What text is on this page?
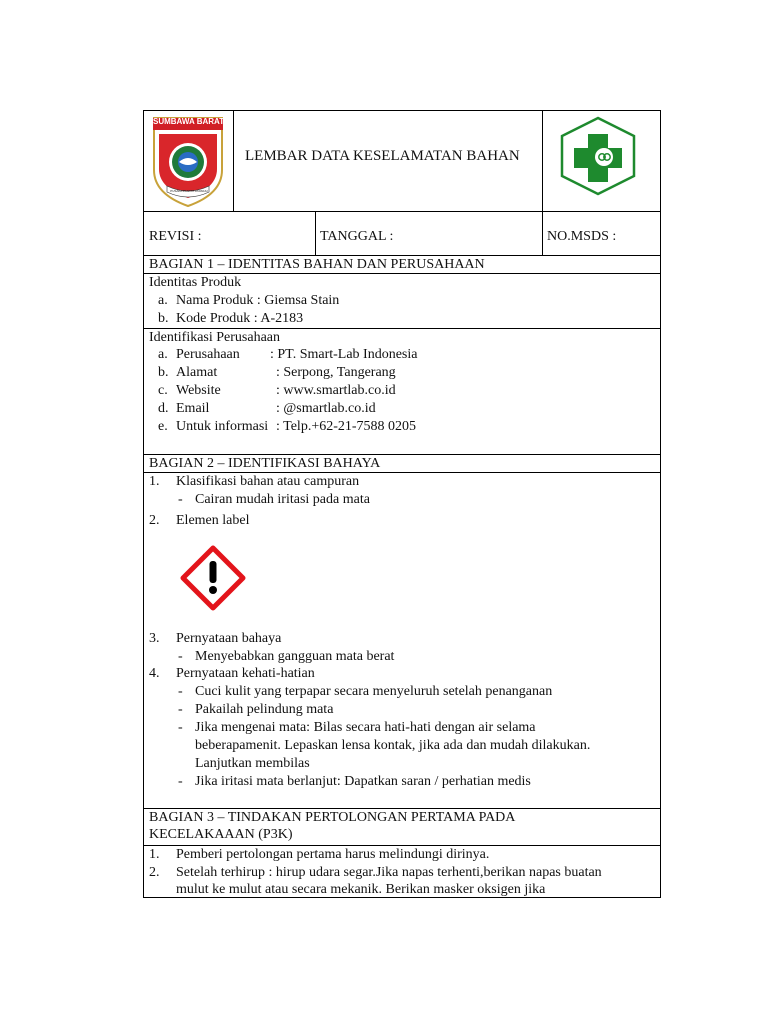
SUMBAWA BARAT
PUSAKA PANTAT ATAWAIU
LEMBAR DATA KESELAMATAN BAHAN
REVISI :	TANGGAL :	NO.MSDS :
BAGIAN 1 – IDENTITAS BAHAN DAN PERUSAHAAN
Identitas Produk
a. Nama Produk : Giemsa Stain
b. Kode Produk : A-2183
Identifikasi Perusahaan
a. Perusahaan : PT. Smart-Lab Indonesia
b. Alamat	: Serpong, Tangerang
c. Website	: www.smartlab.co.id
d. Email	: @smartlab.co.id
e. Untuk informasi : Telp.+62-21-7588 0205
BAGIAN 2 – IDENTIFIKASI BAHAYA
1. Klasifikasi bahan atau campuran
- Cairan mudah iritasi pada mata
2. Elemen label
3. Pernyataan bahaya
- Menyebabkan gangguan mata berat
4. Pernyataan kehati-hatian
- Cuci kulit yang terpapar secara menyeluruh setelah penanganan
- Pakailah pelindung mata
- Jika mengenai mata: Bilas secara hati-hati dengan air selama
beberapamenit. Lepaskan lensa kontak, jika ada dan mudah dilakukan.
Lanjutkan membilas
- Jika iritasi mata berlanjut: Dapatkan saran / perhatian medis
BAGIAN 3 – TINDAKAN PERTOLONGAN PERTAMA PADA
KECELAKAAAN (P3K)
1. Pemberi pertolongan pertama harus melindungi dirinya.
2. Setelah terhirup : hirup udara segar.Jika napas terhenti,berikan napas buatan
mulut ke mulut atau secara mekanik. Berikan masker oksigen jika
